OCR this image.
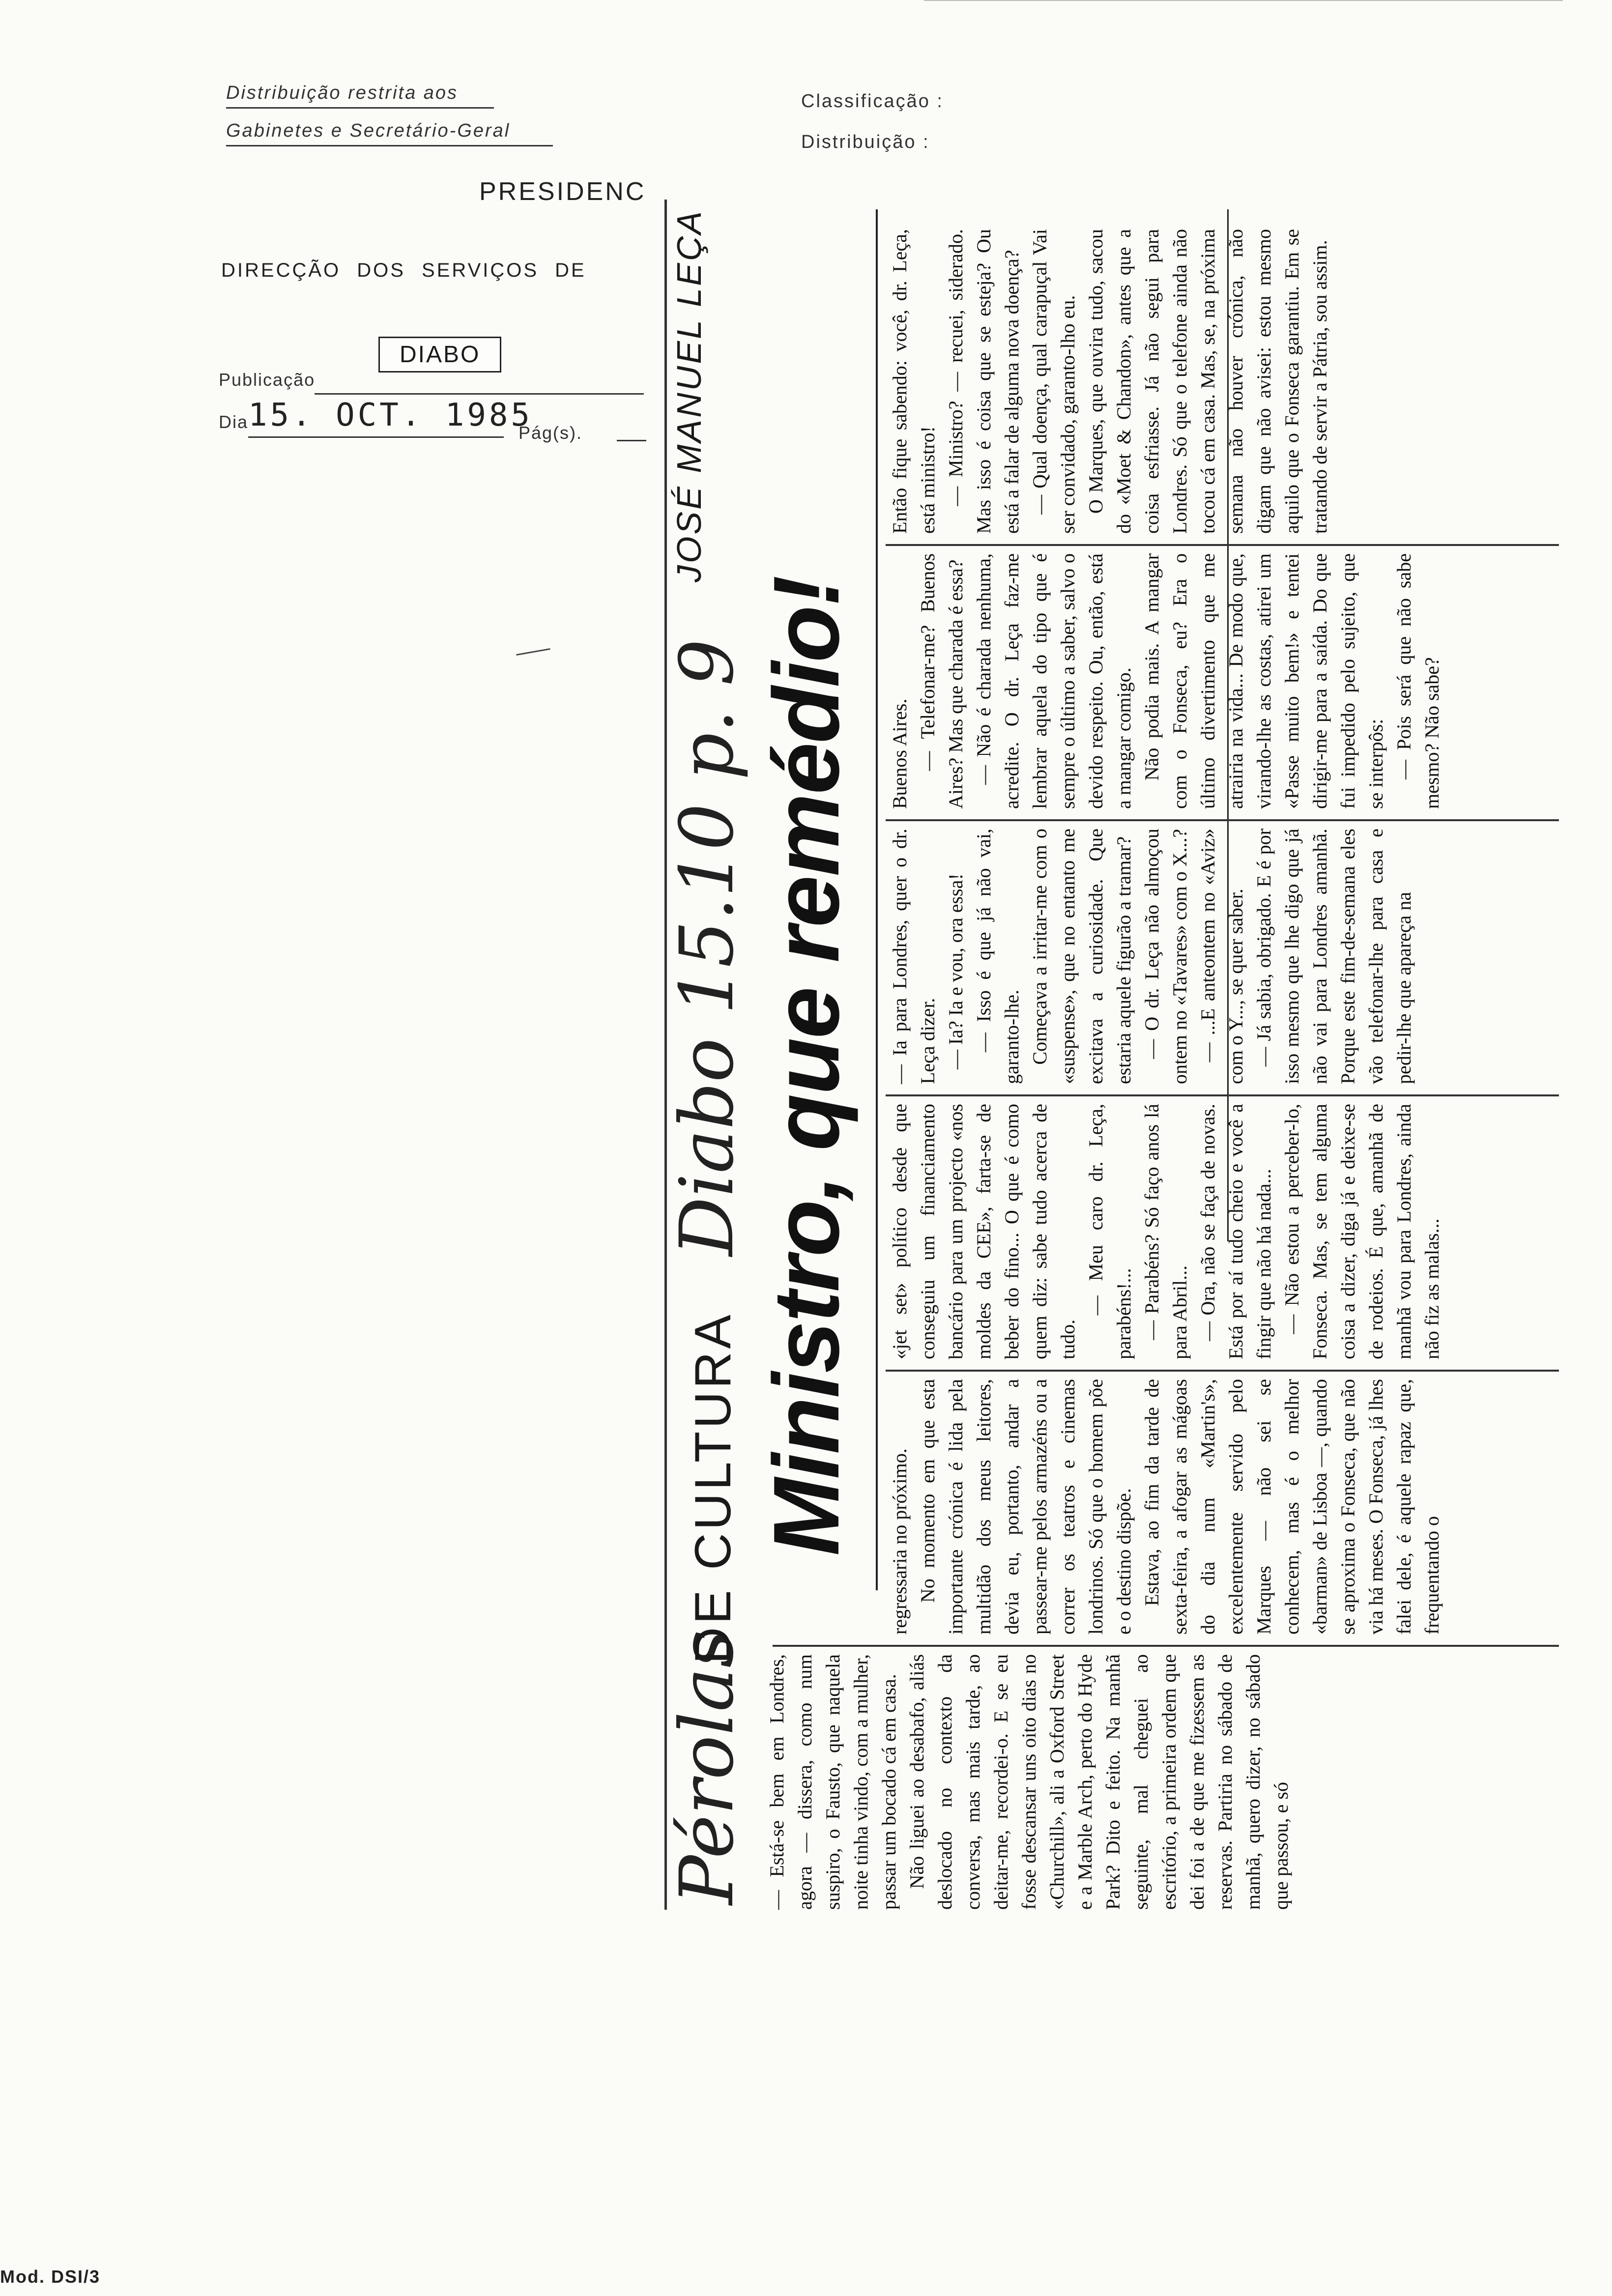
Distribuição restrita aos
Gabinetes e Secretário-Geral
Classificação :
Distribuição :
PRESIDENC
DIRECÇÃO DOS SERVIÇOS DE
DIABO
Publicação
Dia 15. OCT. 1985
Pág(s).	JOSÉ MANUEL LEÇA
Pérolas
DE CULTURA
Diabo 15.10 p. 9 Ministro, que remédio!
— Está-se bem em Londres, agora — dissera, como num suspiro, o Fausto, que naquela noite tinha vindo, com a mulher, passar um bocado cá em casa.
Não liguei ao desabafo, aliás deslocado no contexto da conversa, mas mais tarde, ao deitar-me, recordei-o. E se eu fosse descansar uns oito dias no «Churchill», ali a Oxford Street e a Marble Arch, perto do Hyde Park? Dito e feito. Na manhã seguinte, mal cheguei ao escritório, a primeira ordem que dei foi a de que me fizessem as reservas. Partiria no sábado de manhã, quero dizer, no sábado que passou, e só
regressaria no próximo.
No momento em que esta importante crónica é lida pela multidão dos meus leitores, devia eu, portanto, andar a passear-me pelos armazéns ou a correr os teatros e cinemas londrinos. Só que o homem põe e o destino dispõe.
Estava, ao fim da tarde de sexta-feira, a afogar as mágoas do dia num «Martin's», excelentemente servido pelo Marques — não sei se conhecem, mas é o melhor «barman» de Lisboa —, quando se aproxima o Fonseca, que não via há meses. O Fonseca, já lhes falei dele, é aquele rapaz que, frequentando o
«jet set» político desde que conseguiu um financiamento bancário para um projecto «nos moldes da CEE», farta-se de beber do fino... O que é como quem diz: sabe tudo acerca de tudo.
— Meu caro dr. Leça, parabéns!...
— Parabéns? Só faço anos lá para Abril...
— Ora, não se faça de novas. Está por aí tudo cheio e você a fingir que não há nada...
— Não estou a perceber-lo, Fonseca. Mas, se tem alguma coisa a dizer, diga já e deixe-se de rodeios. É que, amanhã de manhã vou para Londres, ainda não fiz as malas...
— Ia para Londres, quer o dr. Leça dizer.
— Ia? Ia e vou, ora essa!
— Isso é que já não vai, garanto-lhe.
Começava a irritar-me com o «suspense», que no entanto me excitava a curiosidade. Que estaria aquele figurão a tramar?
— O dr. Leça não almoçou ontem no «Tavares» com o X...?
— ...E anteontem no «Aviz» com o Y..., se quer saber.
— Já sabia, obrigado. E é por isso mesmo que lhe digo que já não vai para Londres amanhã. Porque este fim-de-semana eles vão telefonar-lhe para casa e pedir-lhe que apareça na
Buenos Aires.
— Telefonar-me? Buenos Aires? Mas que charada é essa?
— Não é charada nenhuma, acredite. O dr. Leça faz-me lembrar aquela do tipo que é sempre o último a saber, salvo o devido respeito. Ou, então, está a mangar comigo.
Não podia mais. A mangar com o Fonseca, eu? Era o último divertimento que me atrairia na vida... De modo que, virando-lhe as costas, atirei um «Passe muito bem!» e tentei dirigir-me para a saída. Do que fui impedido pelo sujeito, que se interpôs:
— Pois será que não sabe mesmo? Não sabe?
Então fique sabendo: você, dr. Leça, está ministro!
— Ministro? — recuei, siderado. Mas isso é coisa que se esteja? Ou está a falar de alguma nova doença?
— Qual doença, qual carapuçal Vai ser convidado, garanto-lho eu.
O Marques, que ouvira tudo, sacou do «Moet & Chandon», antes que a coisa esfriasse. Já não segui para Londres. Só que o telefone ainda não tocou cá em casa. Mas, se, na próxima semana não houver crónica, não digam que não avisei: estou mesmo aquilo que o Fonseca garantiu. Em se tratando de servir a Pátria, sou assim.
Mod. DSI/3
